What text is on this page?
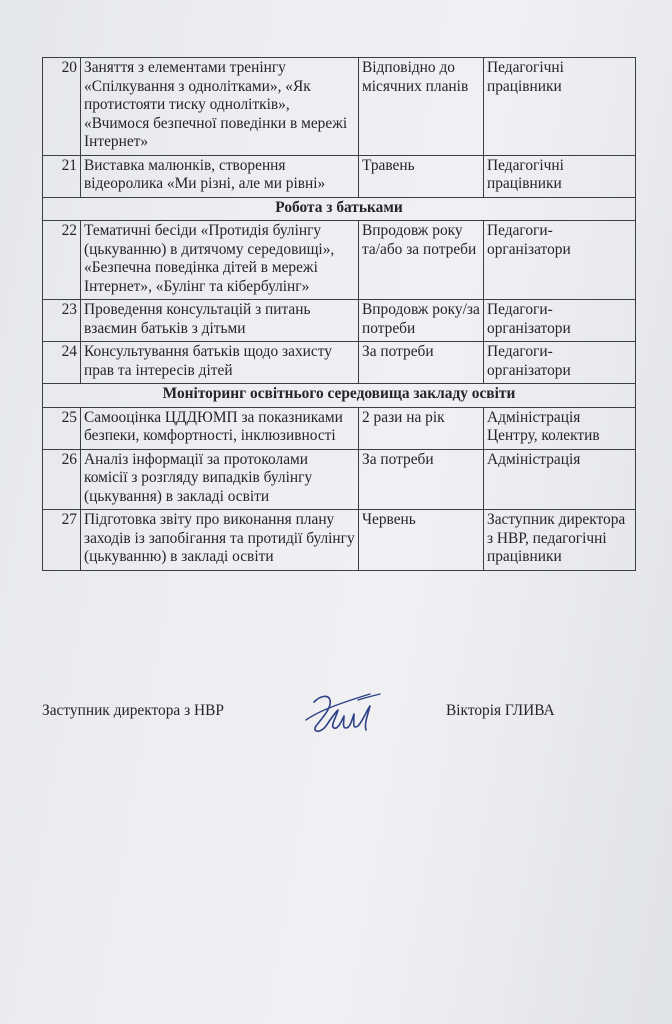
20	Заняття з елементами тренінгу «Спілкування з однолітками», «Як протистояти тиску однолітків», «Вчимося безпечної поведінки в мережі Інтернет»	Відповідно до місячних планів	Педагогічні працівники
21	Виставка малюнків, створення відеоролика «Ми різні, але ми рівні»	Травень	Педагогічні працівники
Робота з батьками			
22	Тематичні бесіди «Протидія булінгу (цькуванню) в дитячому середовищі», «Безпечна поведінка дітей в мережі Інтернет», «Булінг та кібербулінг»	Впродовж року та/або за потреби	Педагоги-організатори
23	Проведення консультацій з питань взаємин батьків з дітьми	Впродовж року/за потреби	Педагоги-організатори
24	Консультування батьків щодо захисту прав та інтересів дітей	За потреби	Педагоги-організатори
Моніторинг освітнього середовища закладу освіти			
25	Самооцінка ЦДДЮМП за показниками безпеки, комфортності, інклюзивності	2 рази на рік	Адміністрація Центру, колектив
26	Аналіз інформації за протоколами комісії з розгляду випадків булінгу (цькування) в закладі освіти	За потреби	Адміністрація
27	Підготовка звіту про виконання плану заходів із запобігання та протидії булінгу (цькуванню) в закладі освіти	Червень	Заступник директора з НВР, педагогічні працівники
Заступник директора з НВР	Вікторія ГЛИВА
